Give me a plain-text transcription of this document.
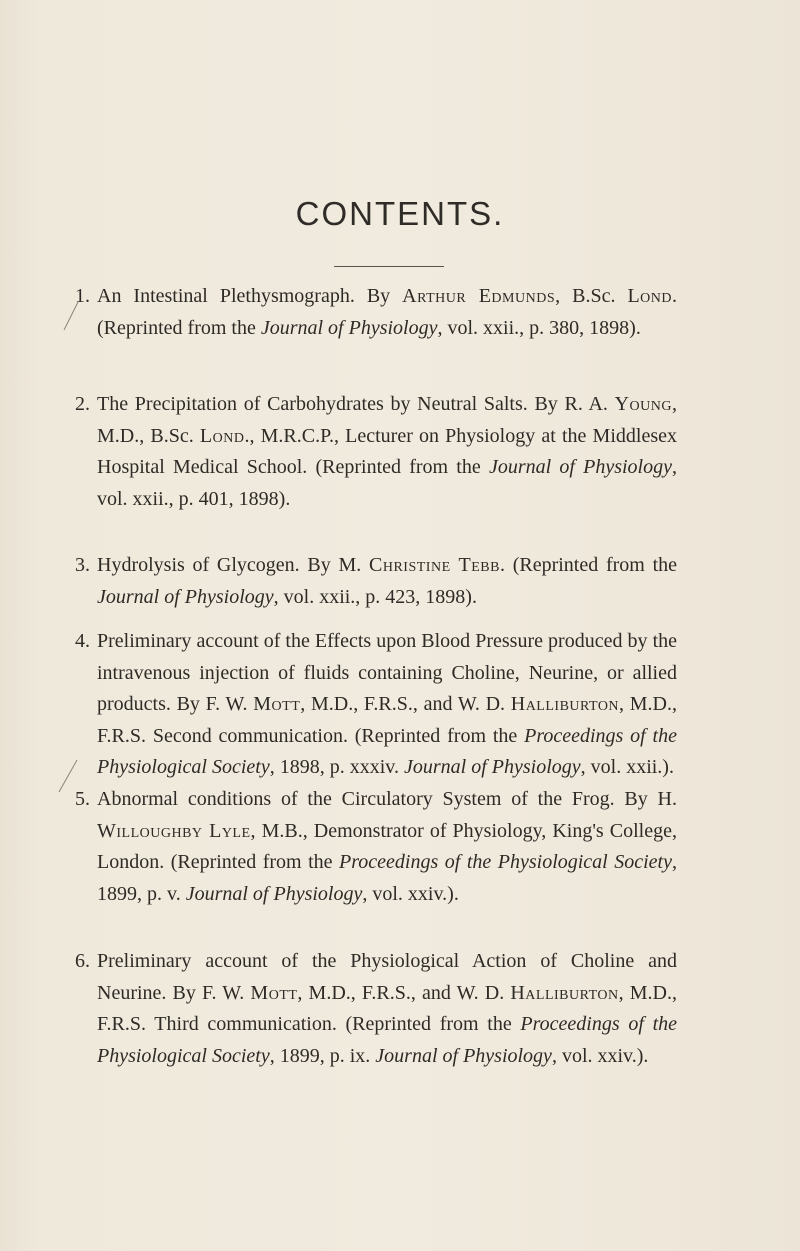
CONTENTS.
1. An Intestinal Plethysmograph. By Arthur Edmunds, B.Sc. Lond. (Reprinted from the Journal of Physiology, vol. xxii., p. 380, 1898).
2. The Precipitation of Carbohydrates by Neutral Salts. By R. A. Young, M.D., B.Sc. Lond., M.R.C.P., Lecturer on Physiology at the Middlesex Hospital Medical School. (Reprinted from the Journal of Physiology, vol. xxii., p. 401, 1898).
3. Hydrolysis of Glycogen. By M. Christine Tebb. (Reprinted from the Journal of Physiology, vol. xxii., p. 423, 1898).
4. Preliminary account of the Effects upon Blood Pressure produced by the intravenous injection of fluids containing Choline, Neurine, or allied products. By F. W. Mott, M.D., F.R.S., and W. D. Halliburton, M.D., F.R.S. Second communication. (Reprinted from the Proceedings of the Physiological Society, 1898, p. xxxiv. Journal of Physiology, vol. xxii.).
5. Abnormal conditions of the Circulatory System of the Frog. By H. Willoughby Lyle, M.B., Demonstrator of Physiology, King's College, London. (Reprinted from the Proceedings of the Physiological Society, 1899, p. v. Journal of Physiology, vol. xxiv.).
6. Preliminary account of the Physiological Action of Choline and Neurine. By F. W. Mott, M.D., F.R.S., and W. D. Halliburton, M.D., F.R.S. Third communication. (Reprinted from the Proceedings of the Physiological Society, 1899, p. ix. Journal of Physiology, vol. xxiv.).
